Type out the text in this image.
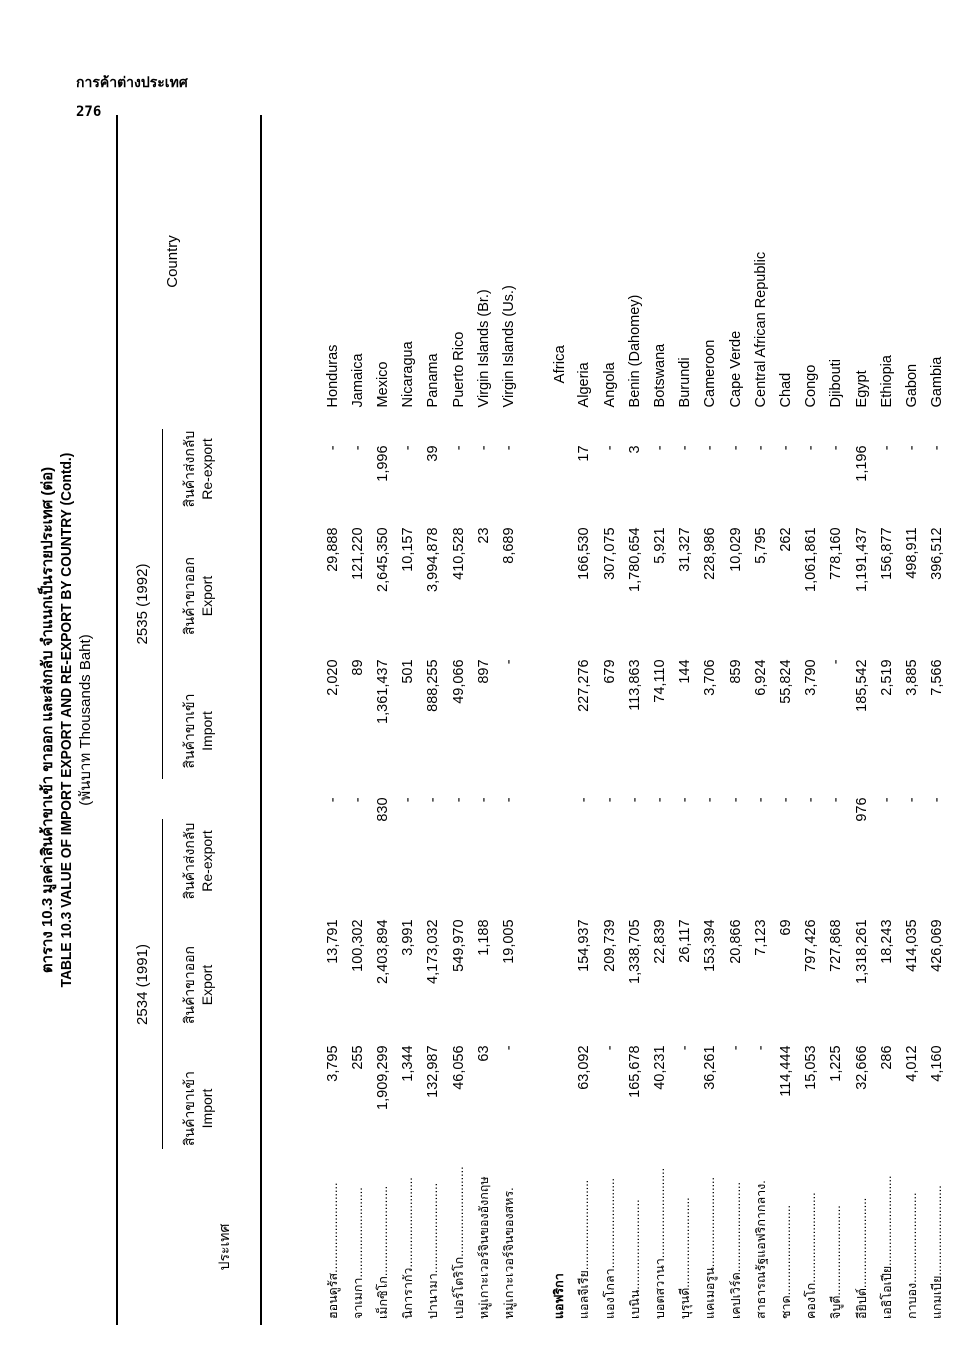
การค้าต่างประเทศ
276
ตาราง 10.3 มูลค่าสินค้าขาเข้า ขาออก และส่งกลับ จำแนกเป็นรายประเทศ (ต่อ) TABLE 10.3 VALUE OF IMPORT EXPORT AND RE-EXPORT BY COUNTRY (Contd.) (พันบาท Thousands Baht)
ประเทศ
2534 (1991)
2535 (1992)
Country
สินค้าขาเข้า Import
สินค้าขาออก Export
สินค้าส่งกลับ Re-export
สินค้าขาเข้า Import
สินค้าขาออก Export
สินค้าส่งกลับ Re-export
ฮอนดูรัส..........................	3,795	13,791	-	2,020	29,888	-	Honduras
จาเมกา..........................	255	100,302	-	89	121,220	-	Jamaica
เม็กซิโก..........................	1,909,299	2,403,894	830	1,361,437	2,645,350	1,996	Mexico
นิการากัว..........................	1,344	3,991	-	501	10,157	-	Nicaragua
ปานามา..........................	132,987	4,173,032	-	888,255	3,994,878	39	Panama
เปอร์โตริโก..........................	46,056	549,970	-	49,066	410,528	-	Puerto Rico
หมู่เกาะเวอร์จินของอังกฤษ	63	1,188	-	897	23	-	Virgin Islands (Br.)
หมู่เกาะเวอร์จินของสหร.	-	19,005	-	-	8,689	-	Virgin Islands (Us.)

แอฟริกา							Africa
แอลจีเรีย..........................	63,092	154,937	-	227,276	166,530	17	Algeria
แองโกลา..........................	-	209,739	-	679	307,075	-	Angola
เบนิน..........................	165,678	1,338,705	-	113,863	1,780,654	3	Benin (Dahomey)
บอตสวานา..........................	40,231	22,839	-	74,110	5,921	-	Botswana
บุรุนดี..........................	-	26,117	-	144	31,327	-	Burundi
แคเมอรูน..........................	36,261	153,394	-	3,706	228,986	-	Cameroon
เคปเวิร์ด..........................	-	20,866	-	859	10,029	-	Cape Verde
สาธารณรัฐแอฟริกากลาง.	-	7,123	-	6,924	5,795	-	Central African Republic
ชาด..........................	114,444	69	-	55,824	262	-	Chad
คองโก..........................	15,053	797,426	-	3,790	1,061,861	-	Congo
จิบูตี..........................	1,225	727,868	-	-	778,160	-	Djibouti
อียิปต์..........................	32,666	1,318,261	976	185,542	1,191,437	1,196	Egypt
เอธิโอเปีย..........................	286	18,243	-	2,519	156,877	-	Ethiopia
กาบอง..........................	4,012	414,035	-	3,885	498,911	-	Gabon
แกมเบีย..........................	4,160	426,069	-	7,566	396,512	-	Gambia
